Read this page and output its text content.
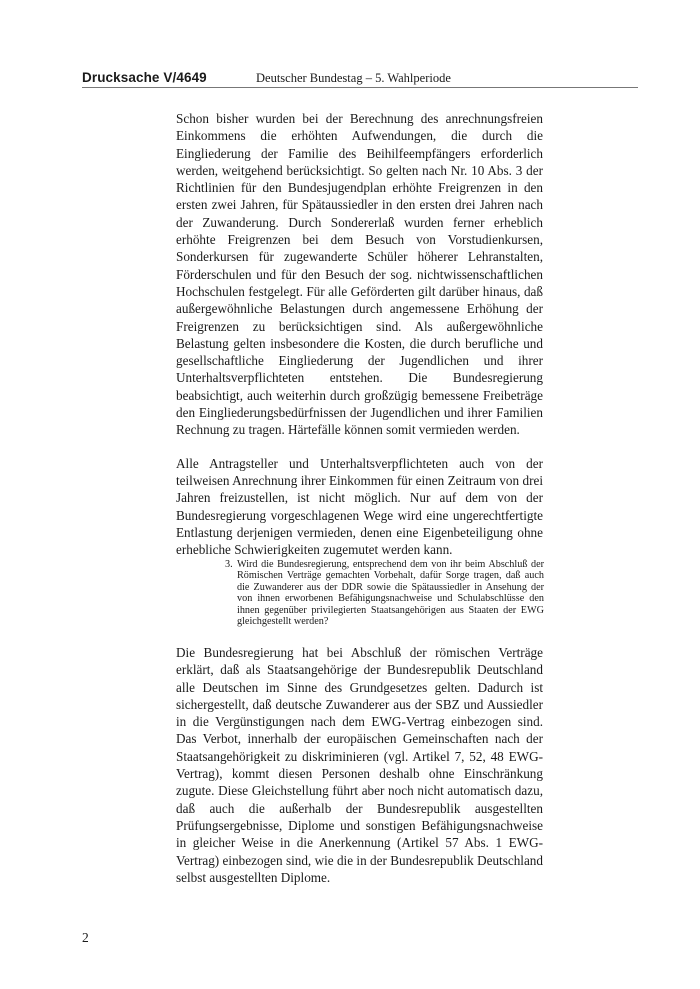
Drucksache V/4649	Deutscher Bundestag – 5. Wahlperiode

Schon bisher wurden bei der Berechnung des anrechnungsfreien Einkommens die erhöhten Aufwendungen, die durch die Eingliederung der Familie des Beihilfeempfängers erforderlich werden, weitgehend berücksichtigt. So gelten nach Nr. 10 Abs. 3 der Richtlinien für den Bundesjugendplan erhöhte Freigrenzen in den ersten zwei Jahren, für Spätaussiedler in den ersten drei Jahren nach der Zuwanderung. Durch Sondererlaß wurden ferner erheblich erhöhte Freigrenzen bei dem Besuch von Vorstudienkursen, Sonderkursen für zugewanderte Schüler höherer Lehranstalten, Förderschulen und für den Besuch der sog. nichtwissenschaftlichen Hochschulen festgelegt. Für alle Geförderten gilt darüber hinaus, daß außergewöhnliche Belastungen durch angemessene Erhöhung der Freigrenzen zu berücksichtigen sind. Als außergewöhnliche Belastung gelten insbesondere die Kosten, die durch berufliche und gesellschaftliche Eingliederung der Jugendlichen und ihrer Unterhaltsverpflichteten entstehen. Die Bundesregierung beabsichtigt, auch weiterhin durch großzügig bemessene Freibeträge den Eingliederungsbedürfnissen der Jugendlichen und ihrer Familien Rechnung zu tragen. Härtefälle können somit vermieden werden.

Alle Antragsteller und Unterhaltsverpflichteten auch von der teilweisen Anrechnung ihrer Einkommen für einen Zeitraum von drei Jahren freizustellen, ist nicht möglich. Nur auf dem von der Bundesregierung vorgeschlagenen Wege wird eine ungerechtfertigte Entlastung derjenigen vermieden, denen eine Eigenbeteiligung ohne erhebliche Schwierigkeiten zugemutet werden kann.

3. Wird die Bundesregierung, entsprechend dem von ihr beim Abschluß der Römischen Verträge gemachten Vorbehalt, dafür Sorge tragen, daß auch die Zuwanderer aus der DDR sowie die Spätaussiedler in Ansehung der von ihnen erworbenen Befähigungsnachweise und Schulabschlüsse den ihnen gegenüber privilegierten Staatsangehörigen aus Staaten der EWG gleichgestellt werden?

Die Bundesregierung hat bei Abschluß der römischen Verträge erklärt, daß als Staatsangehörige der Bundesrepublik Deutschland alle Deutschen im Sinne des Grundgesetzes gelten. Dadurch ist sichergestellt, daß deutsche Zuwanderer aus der SBZ und Aussiedler in die Vergünstigungen nach dem EWG-Vertrag einbezogen sind. Das Verbot, innerhalb der europäischen Gemeinschaften nach der Staatsangehörigkeit zu diskriminieren (vgl. Artikel 7, 52, 48 EWG-Vertrag), kommt diesen Personen deshalb ohne Einschränkung zugute. Diese Gleichstellung führt aber noch nicht automatisch dazu, daß auch die außerhalb der Bundesrepublik ausgestellten Prüfungsergebnisse, Diplome und sonstigen Befähigungsnachweise in gleicher Weise in die Anerkennung (Artikel 57 Abs. 1 EWG-Vertrag) einbezogen sind, wie die in der Bundesrepublik Deutschland selbst ausgestellten Diplome.

2
